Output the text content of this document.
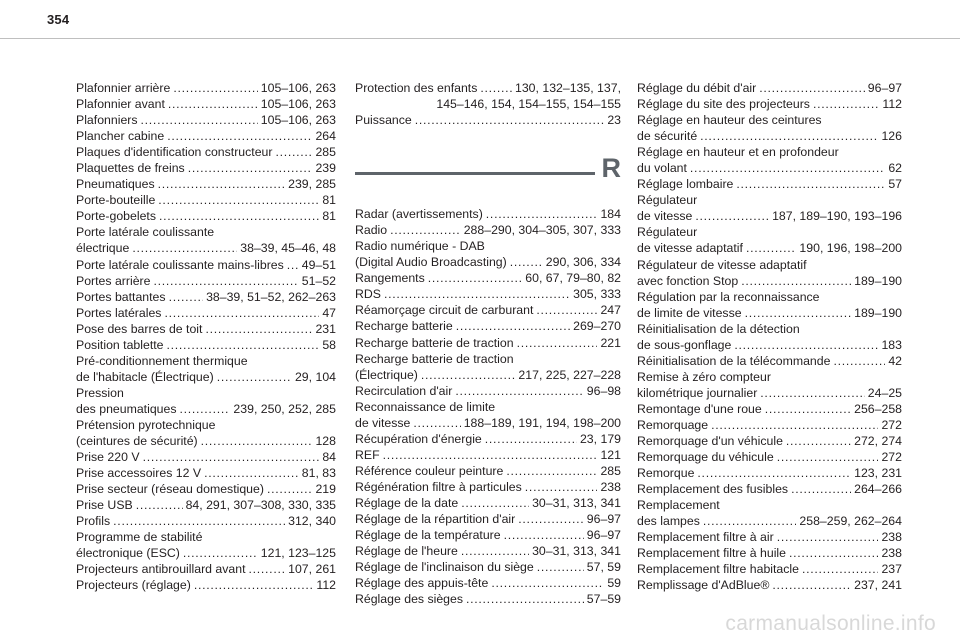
354
Plafonnier arrière . . .	105–106, 263
Plafonnier avant . . .	105–106, 263
Plafonniers . . .	105–106, 263
Plancher cabine . . .	264
Plaques d'identification constructeur . . .	285
Plaquettes de freins . . .	239
Pneumatiques . . .	239, 285
Porte-bouteille . . .	81
Porte-gobelets . . .	81
Porte latérale coulissante
électrique . . .	38–39, 45–46, 48
Porte latérale coulissante mains-libres . . . 49–51
Portes arrière . . .	51–52
Portes battantes . . .	38–39, 51–52, 262–263
Portes latérales . . .	47
Pose des barres de toit . . .	231
Position tablette . . .	58
Pré-conditionnement thermique
de l'habitacle (Électrique) . . .	29, 104
Pression
des pneumatiques . . .	239, 250, 252, 285
Prétension pyrotechnique
(ceintures de sécurité) . . .	128
Prise 220 V . . .	84
Prise accessoires 12 V . . .	81, 83
Prise secteur (réseau domestique) . . .	219
Prise USB . . .	84, 291, 307–308, 330, 335
Profils . . .	312, 340
Programme de stabilité
électronique (ESC) . . .	121, 123–125
Projecteurs antibrouillard avant . . .	107, 261
Projecteurs (réglage) . . .	112
Protection des enfants . . .	130, 132–135, 137,
145–146, 154, 154–155, 154–155
Puissance . . .	23
R
Radar (avertissements) . . .	184
Radio . . .	288–290, 304–305, 307, 333
Radio numérique - DAB
(Digital Audio Broadcasting) . . .	290, 306, 334
Rangements . . .	60, 67, 79–80, 82
RDS . . .	305, 333
Réamorçage circuit de carburant . . .	247
Recharge batterie . . .	269–270
Recharge batterie de traction . . .	221
Recharge batterie de traction
(Électrique) . . .	217, 225, 227–228
Recirculation d'air . . .	96–98
Reconnaissance de limite
de vitesse . . .	188–189, 191, 194, 198–200
Récupération d'énergie . . .	23, 179
REF . . .	121
Référence couleur peinture . . .	285
Régénération filtre à particules . . .	238
Réglage de la date . . .	30–31, 313, 341
Réglage de la répartition d'air . . .	96–97
Réglage de la température . . .	96–97
Réglage de l'heure . . .	30–31, 313, 341
Réglage de l'inclinaison du siège . . .	57, 59
Réglage des appuis-tête . . .	59
Réglage des sièges . . .	57–59
Réglage du débit d'air . . .	96–97
Réglage du site des projecteurs . . .	112
Réglage en hauteur des ceintures
de sécurité . . .	126
Réglage en hauteur et en profondeur
du volant . . .	62
Réglage lombaire . . .	57
Régulateur
de vitesse . . .	187, 189–190, 193–196
Régulateur
de vitesse adaptatif . . .	190, 196, 198–200
Régulateur de vitesse adaptatif
avec fonction Stop . . .	189–190
Régulation par la reconnaissance
de limite de vitesse . . .	189–190
Réinitialisation de la détection
de sous-gonflage . . .	183
Réinitialisation de la télécommande . . .	42
Remise à zéro compteur
kilométrique journalier . . .	24–25
Remontage d'une roue . . .	256–258
Remorquage . . .	272
Remorquage d'un véhicule . . .	272, 274
Remorquage du véhicule . . .	272
Remorque . . .	123, 231
Remplacement des fusibles . . .	264–266
Remplacement
des lampes . . .	258–259, 262–264
Remplacement filtre à air . . .	238
Remplacement filtre à huile . . .	238
Remplacement filtre habitacle . . .	237
Remplissage d'AdBlue® . . .	237, 241
carmanualsonline.info
